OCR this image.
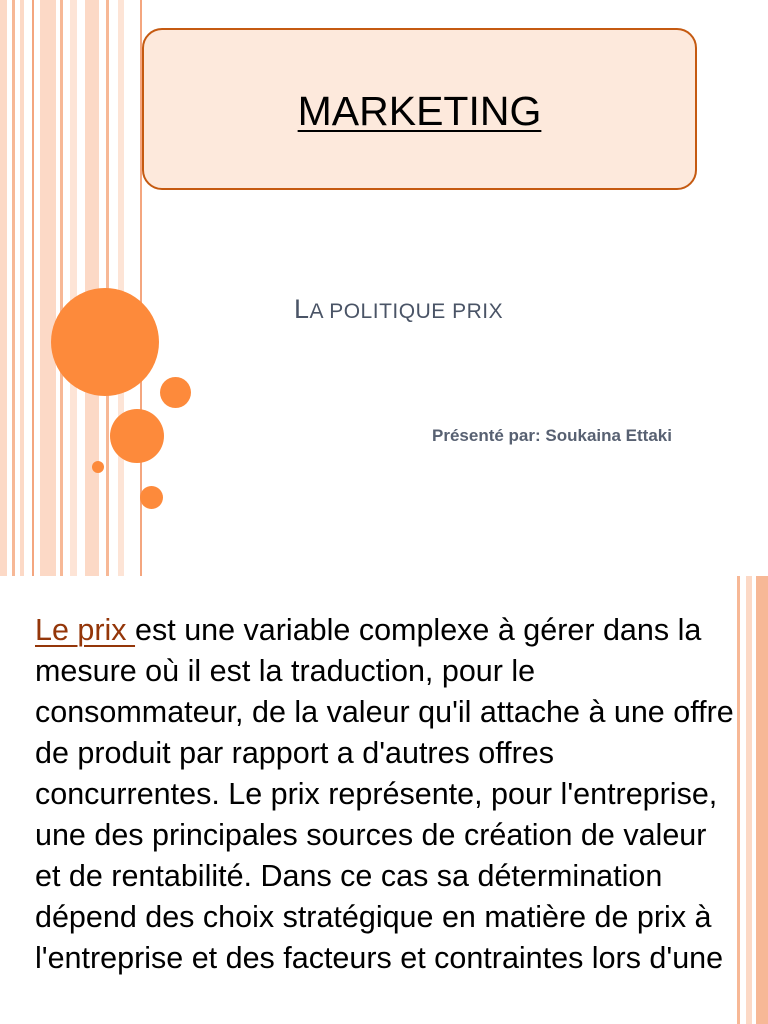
MARKETING
LA POLITIQUE PRIX
Présenté par: Soukaina Ettaki

Le prix est une variable complexe à gérer dans la mesure où il est la traduction, pour le consommateur, de la valeur qu'il attache à une offre de produit par rapport a d'autres offres concurrentes. Le prix représente, pour l'entreprise, une des principales sources de création de valeur et de rentabilité. Dans ce cas sa détermination dépend des choix stratégique en matière de prix à l'entreprise et des facteurs et contraintes lors d'une
